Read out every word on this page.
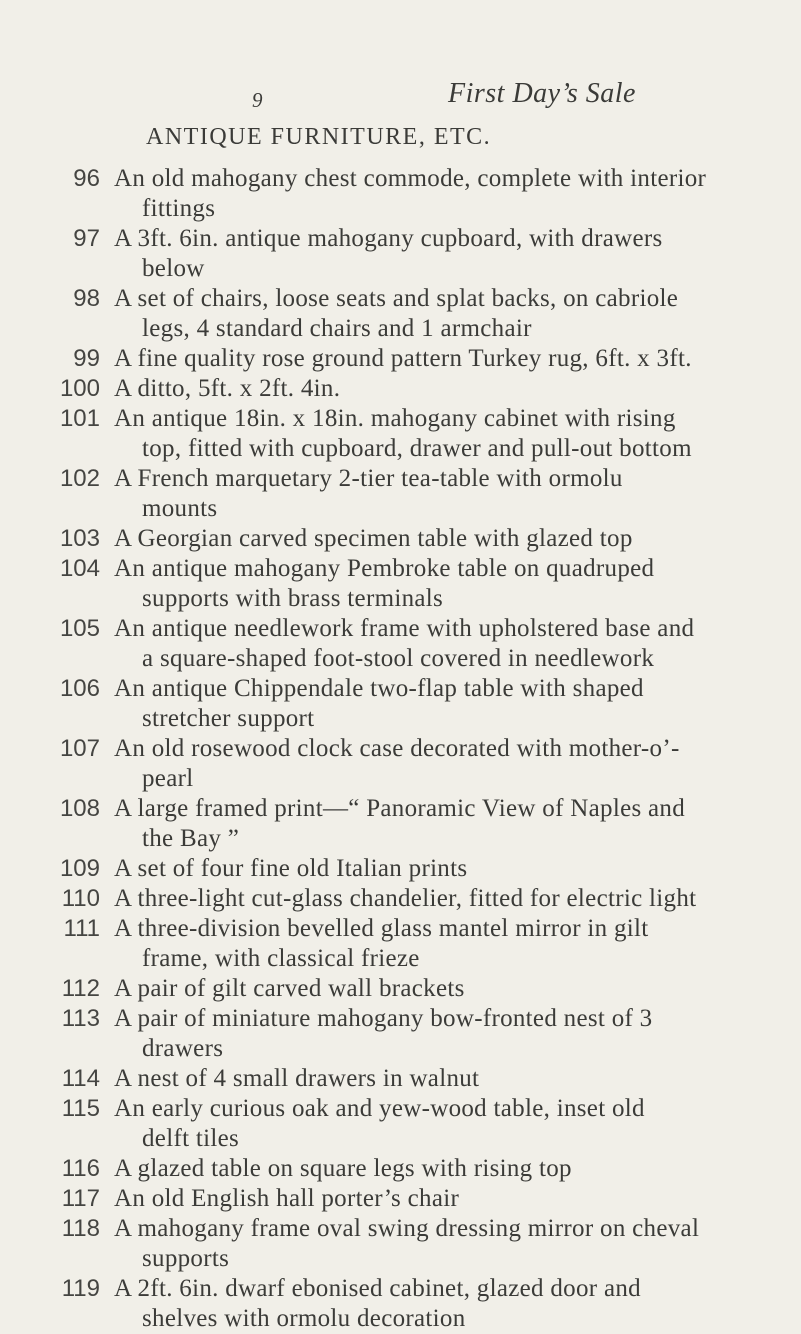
9	First Day’s Sale
ANTIQUE FURNITURE, ETC.
96 An old mahogany chest commode, complete with interior
fittings
97 A 3ft. 6in. antique mahogany cupboard, with drawers
below
98 A set of chairs, loose seats and splat backs, on cabriole
legs, 4 standard chairs and 1 armchair
99 A fine quality rose ground pattern Turkey rug, 6ft. x 3ft.
100 A ditto, 5ft. x 2ft. 4in.
101 An antique 18in. x 18in. mahogany cabinet with rising
top, fitted with cupboard, drawer and pull-out bottom
102 A French marquetary 2-tier tea-table with ormolu
mounts
103 A Georgian carved specimen table with glazed top
104 An antique mahogany Pembroke table on quadruped
supports with brass terminals
105 An antique needlework frame with upholstered base and
a square-shaped foot-stool covered in needlework
106 An antique Chippendale two-flap table with shaped
stretcher support
107 An old rosewood clock case decorated with mother-o’-
pearl
108 A large framed print—“ Panoramic View of Naples and
the Bay ”
109 A set of four fine old Italian prints
110 A three-light cut-glass chandelier, fitted for electric light
111 A three-division bevelled glass mantel mirror in gilt
frame, with classical frieze
112 A pair of gilt carved wall brackets
113 A pair of miniature mahogany bow-fronted nest of 3
drawers
114 A nest of 4 small drawers in walnut
115 An early curious oak and yew-wood table, inset old
delft tiles
116 A glazed table on square legs with rising top
117 An old English hall porter’s chair
118 A mahogany frame oval swing dressing mirror on cheval
supports
119 A 2ft. 6in. dwarf ebonised cabinet, glazed door and
shelves with ormolu decoration
